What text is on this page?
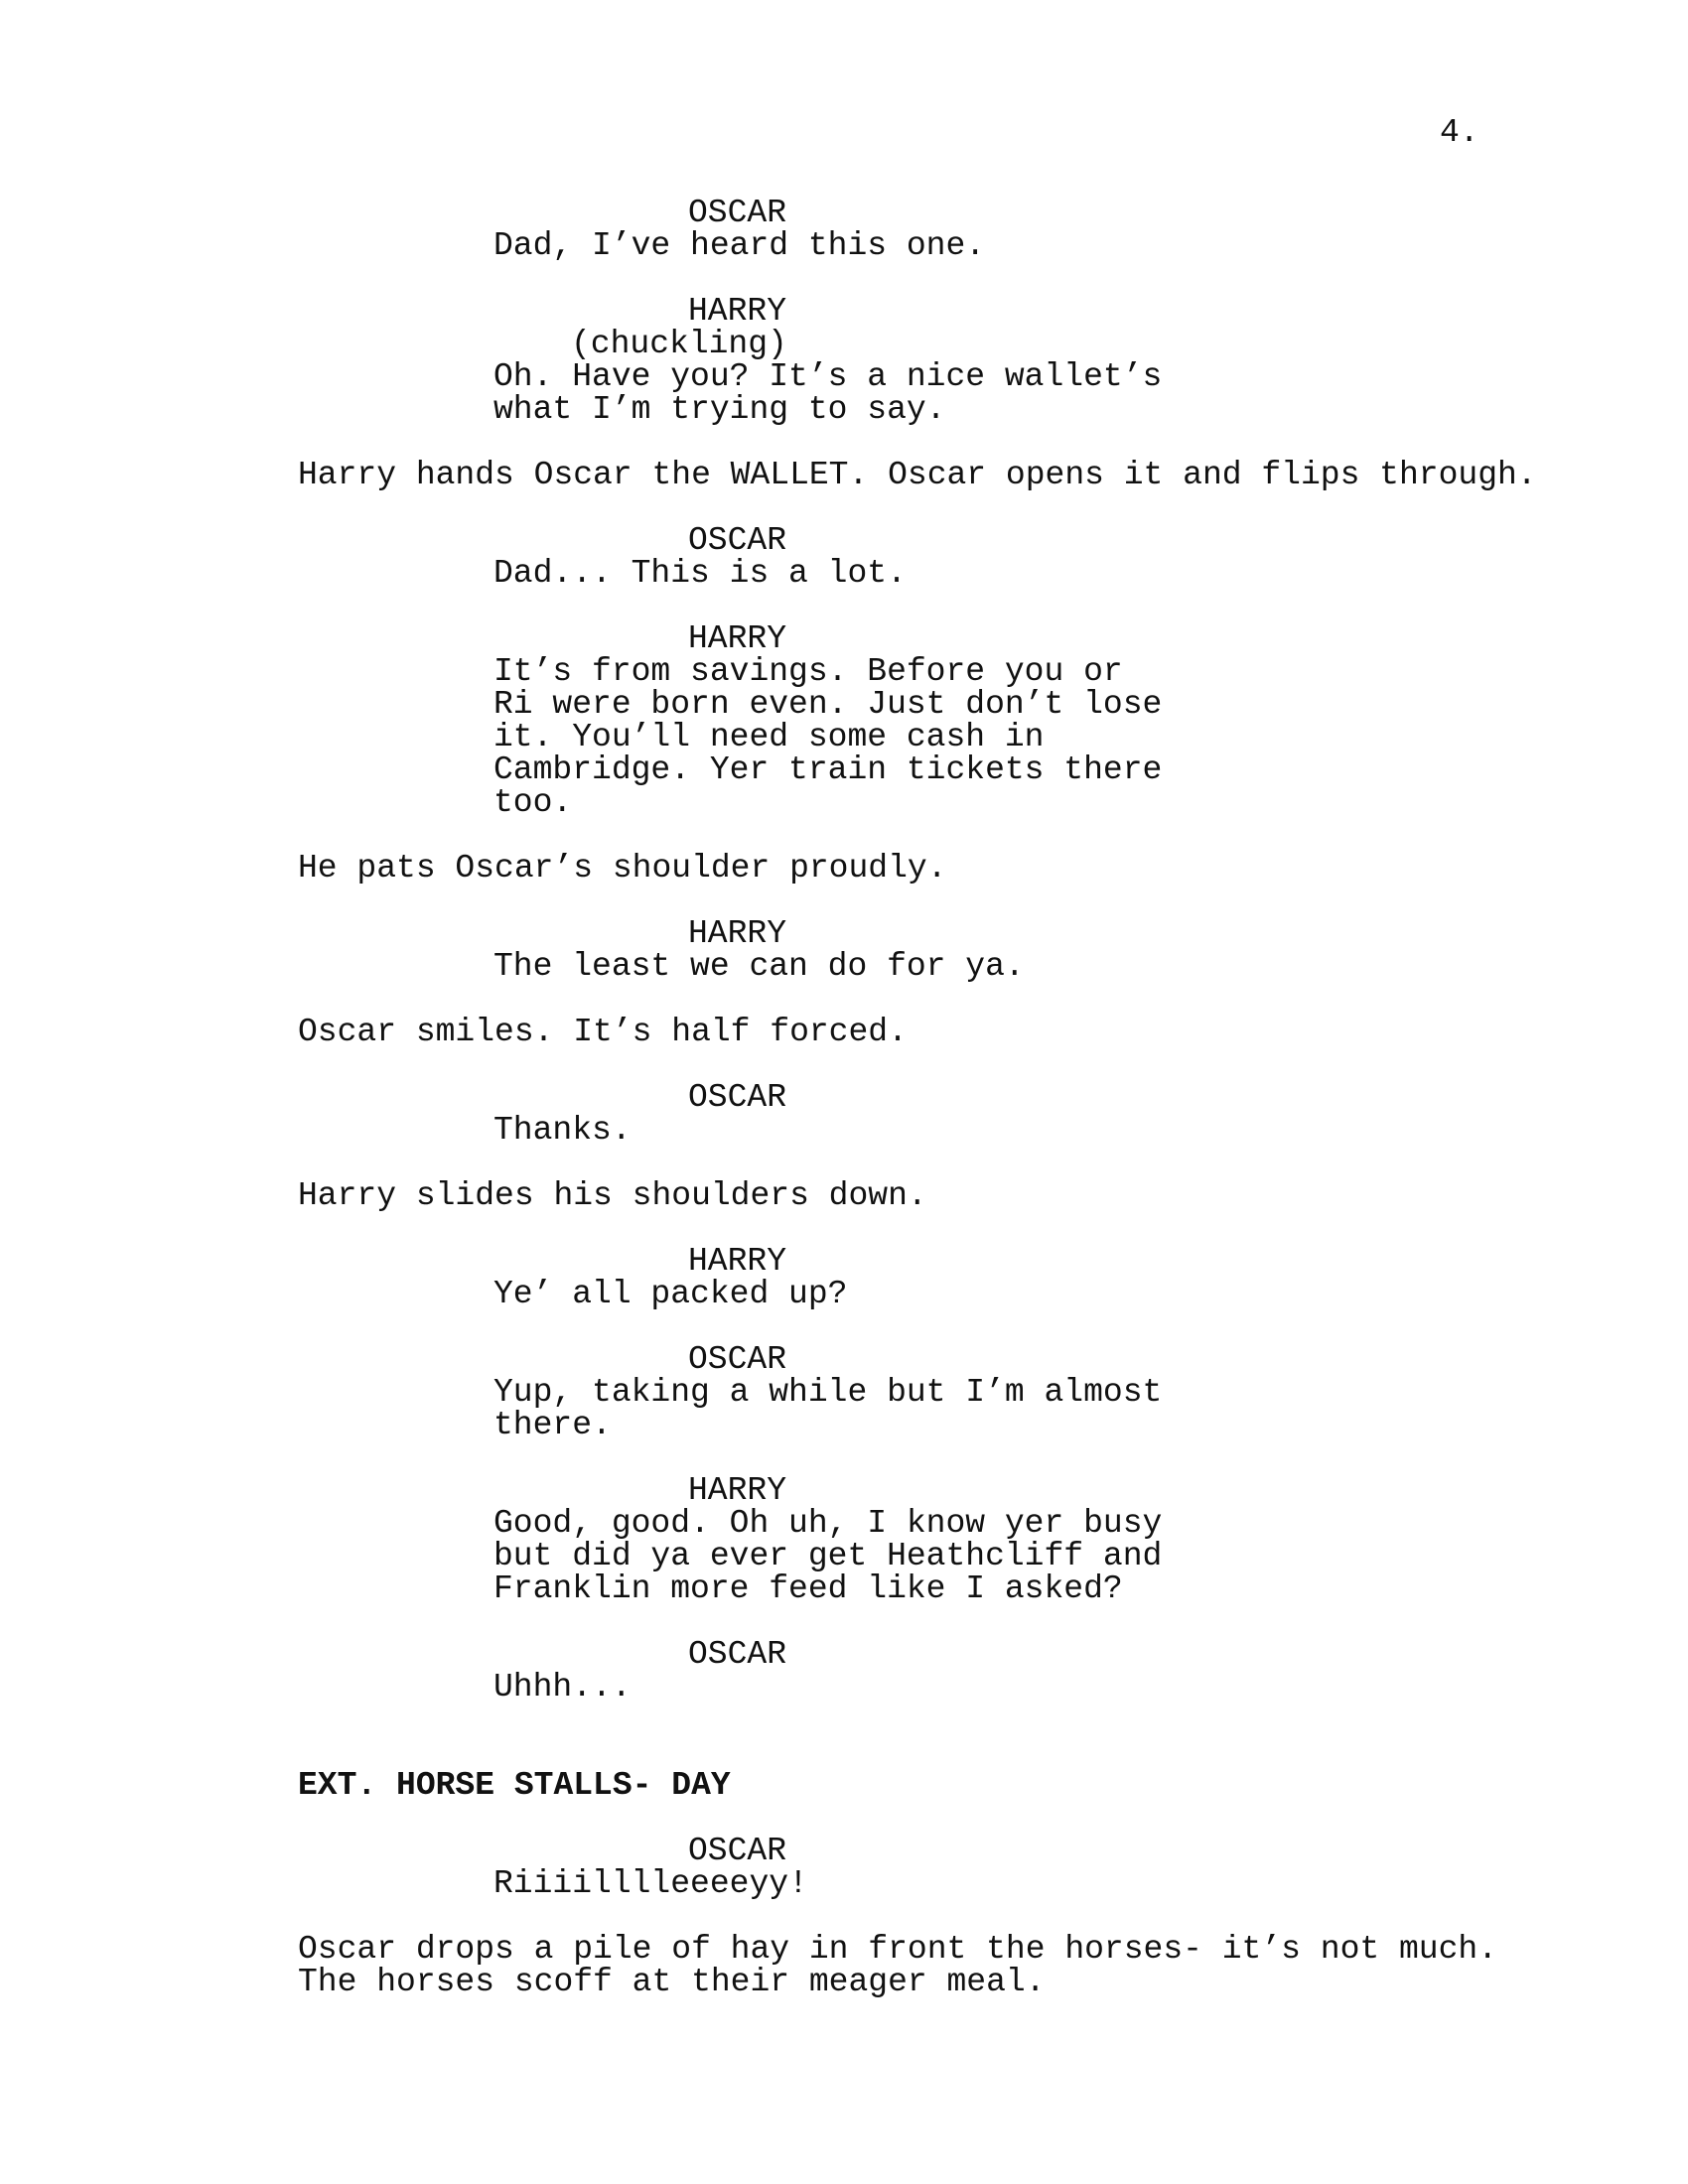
4.
OSCAR
Dad, I’ve heard this one.
HARRY
(chuckling)
Oh. Have you? It’s a nice wallet’s
what I’m trying to say.
Harry hands Oscar the WALLET. Oscar opens it and flips through.
OSCAR
Dad... This is a lot.
HARRY
It’s from savings. Before you or
Ri were born even. Just don’t lose
it. You’ll need some cash in
Cambridge. Yer train tickets there
too.
He pats Oscar’s shoulder proudly.
HARRY
The least we can do for ya.
Oscar smiles. It’s half forced.
OSCAR
Thanks.
Harry slides his shoulders down.
HARRY
Ye’ all packed up?
OSCAR
Yup, taking a while but I’m almost
there.
HARRY
Good, good. Oh uh, I know yer busy
but did ya ever get Heathcliff and
Franklin more feed like I asked?
OSCAR
Uhhh...
EXT. HORSE STALLS- DAY
OSCAR
Riiiilllleeeeyy!
Oscar drops a pile of hay in front the horses- it’s not much.
The horses scoff at their meager meal.
